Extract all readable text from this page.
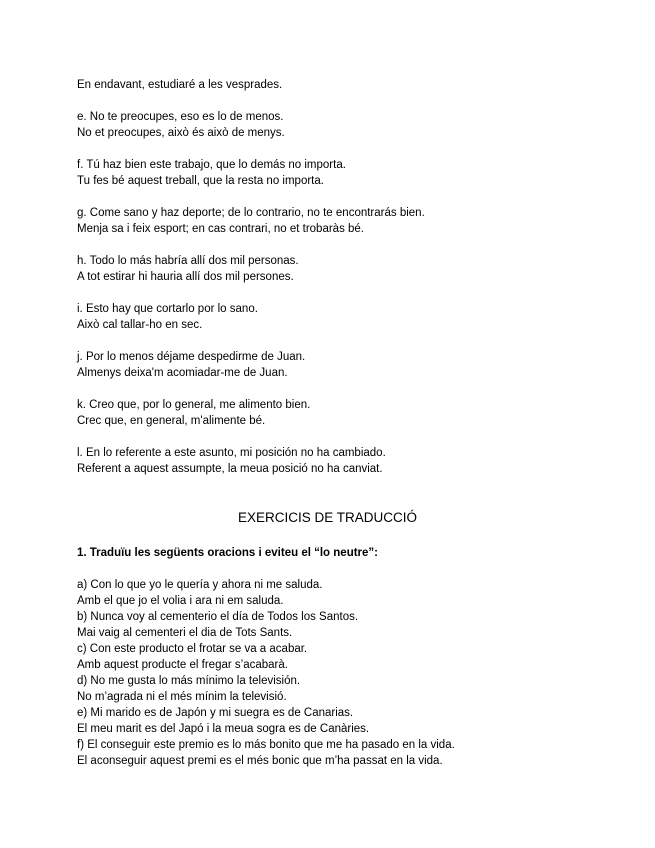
En endavant, estudiaré a les vesprades.
e. No te preocupes, eso es lo de menos.
No et preocupes, això és això de menys.
f. Tú haz bien este trabajo, que lo demás no importa.
Tu fes bé aquest treball, que la resta no importa.
g. Come sano y haz deporte; de lo contrario, no te encontrarás bien.
Menja sa i feix esport; en cas contrari, no et trobaràs bé.
h. Todo lo más habría allí dos mil personas.
A tot estirar hi hauria allí dos mil persones.
i. Esto hay que cortarlo por lo sano.
Això cal tallar-ho en sec.
j. Por lo menos déjame despedirme de Juan.
Almenys deixa'm acomiadar-me de Juan.
k. Creo que, por lo general, me alimento bien.
Crec que, en general, m'alimente bé.
l. En lo referente a este asunto, mi posición no ha cambiado.
Referent a aquest assumpte, la meua posició no ha canviat.
EXERCICIS DE TRADUCCIÓ
1. Traduïu les següents oracions i eviteu el “lo neutre”:
a) Con lo que yo le quería y ahora ni me saluda.
Amb el que jo el volia i ara ni em saluda.
b) Nunca voy al cementerio el día de Todos los Santos.
Mai vaig al cementeri el dia de Tots Sants.
c) Con este producto el frotar se va a acabar.
Amb aquest producte el fregar s’acabarà.
d) No me gusta lo más mínimo la televisión.
No m’agrada ni el més mínim la televisió.
e) Mi marido es de Japón y mi suegra es de Canarias.
El meu marit es del Japó i la meua sogra es de Canàries.
f) El conseguir este premio es lo más bonito que me ha pasado en la vida.
El aconseguir aquest premi es el més bonic que m’ha passat en la vida.
